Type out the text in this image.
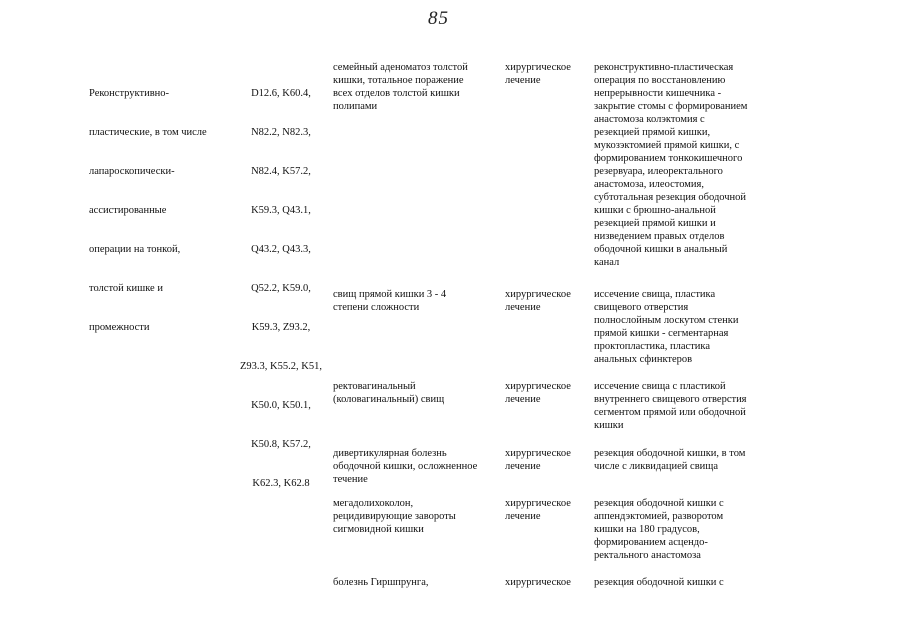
85

Реконструктивно-

пластические, в том числе

лапароскопически-

ассистированные

операции на тонкой,

толстой кишке и

промежности

D12.6, K60.4,

N82.2, N82.3,

N82.4, K57.2,

K59.3, Q43.1,

Q43.2, Q43.3,

Q52.2, K59.0,

K59.3, Z93.2,

Z93.3, K55.2, K51,

K50.0, K50.1,

K50.8, K57.2,

K62.3, K62.8

семейный аденоматоз толстой
кишки, тотальное поражение
всех отделов толстой кишки
полипами
хирургическое
лечение
реконструктивно-пластическая
операция по восстановлению
непрерывности кишечника -
закрытие стомы с формированием
анастомоза колэктомия с
резекцией прямой кишки,
мукозэктомией прямой кишки, с
формированием тонкокишечного
резервуара, илеоректального
анастомоза, илеостомия,
субтотальная резекция ободочной
кишки с брюшно-анальной
резекцией прямой кишки и
низведением правых отделов
ободочной кишки в анальный
канал
свищ прямой кишки 3 - 4
степени сложности
хирургическое
лечение
иссечение свища, пластика
свищевого отверстия
полнослойным лоскутом стенки
прямой кишки - сегментарная
проктопластика, пластика
анальных сфинктеров
ректовагинальный
(коловагинальный) свищ
хирургическое
лечение
иссечение свища с пластикой
внутреннего свищевого отверстия
сегментом прямой или ободочной
кишки
дивертикулярная болезнь
ободочной кишки, осложненное
течение
хирургическое
лечение
резекция ободочной кишки, в том
числе с ликвидацией свища
мегадолихоколон,
рецидивирующие завороты
сигмовидной кишки
хирургическое
лечение
резекция ободочной кишки с
аппендэктомией, разворотом
кишки на 180 градусов,
формированием асцендо-
ректального анастомоза
болезнь Гиршпрунга,	хирургическое резекция ободочной кишки с
